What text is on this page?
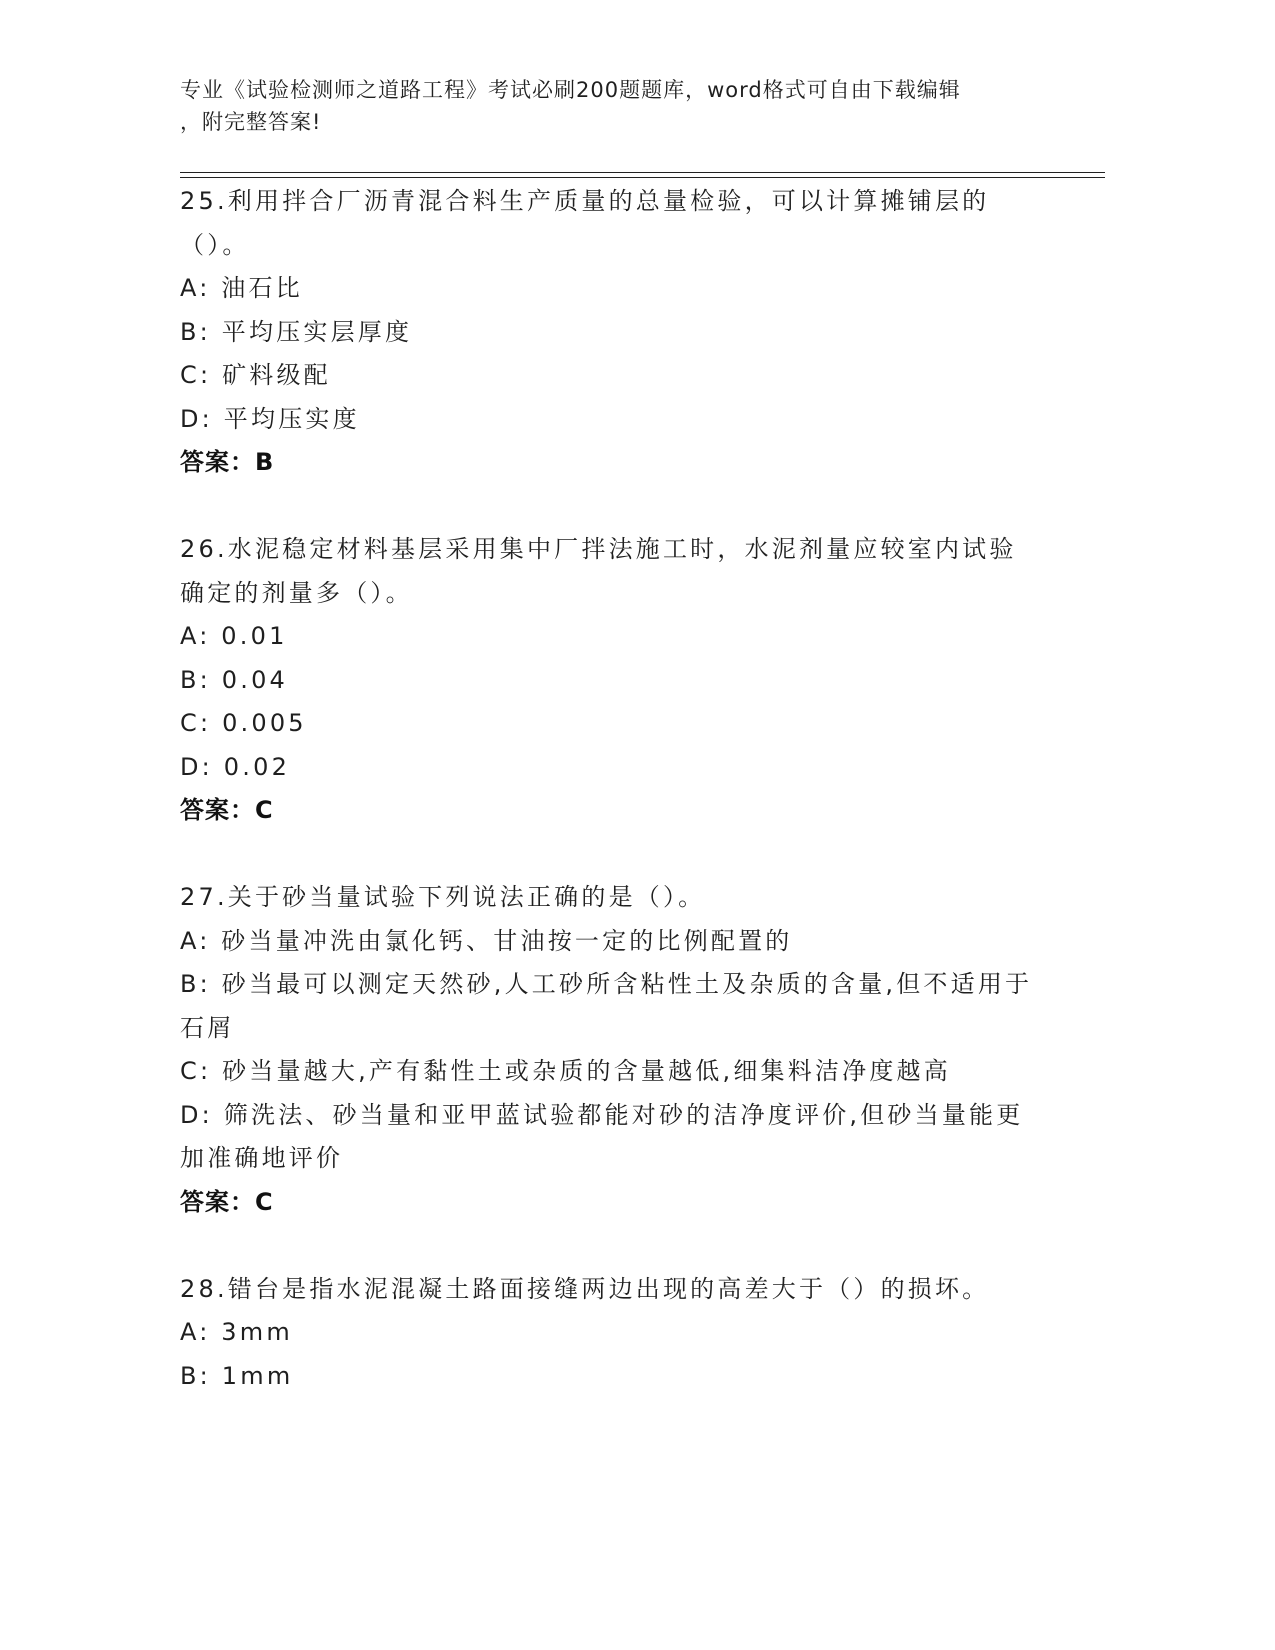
专业《试验检测师之道路工程》考试必刷200题题库，word格式可自由下载编辑
，附完整答案!
25.利用拌合厂沥青混合料生产质量的总量检验，可以计算摊铺层的（）。
A: 油石比
B: 平均压实层厚度
C: 矿料级配
D: 平均压实度
答案：B
26.水泥稳定材料基层采用集中厂拌法施工时，水泥剂量应较室内试验确定的剂量多（）。
A: 0.01
B: 0.04
C: 0.005
D: 0.02
答案：C
27.关于砂当量试验下列说法正确的是（）。
A: 砂当量冲洗由氯化钙、甘油按一定的比例配置的
B: 砂当最可以测定天然砂,人工砂所含粘性土及杂质的含量,但不适用于石屑
C: 砂当量越大,产有黏性土或杂质的含量越低,细集料洁净度越高
D: 筛洗法、砂当量和亚甲蓝试验都能对砂的洁净度评价,但砂当量能更加准确地评价
答案：C
28.错台是指水泥混凝土路面接缝两边出现的高差大于（）的损坏。
A: 3mm
B: 1mm
